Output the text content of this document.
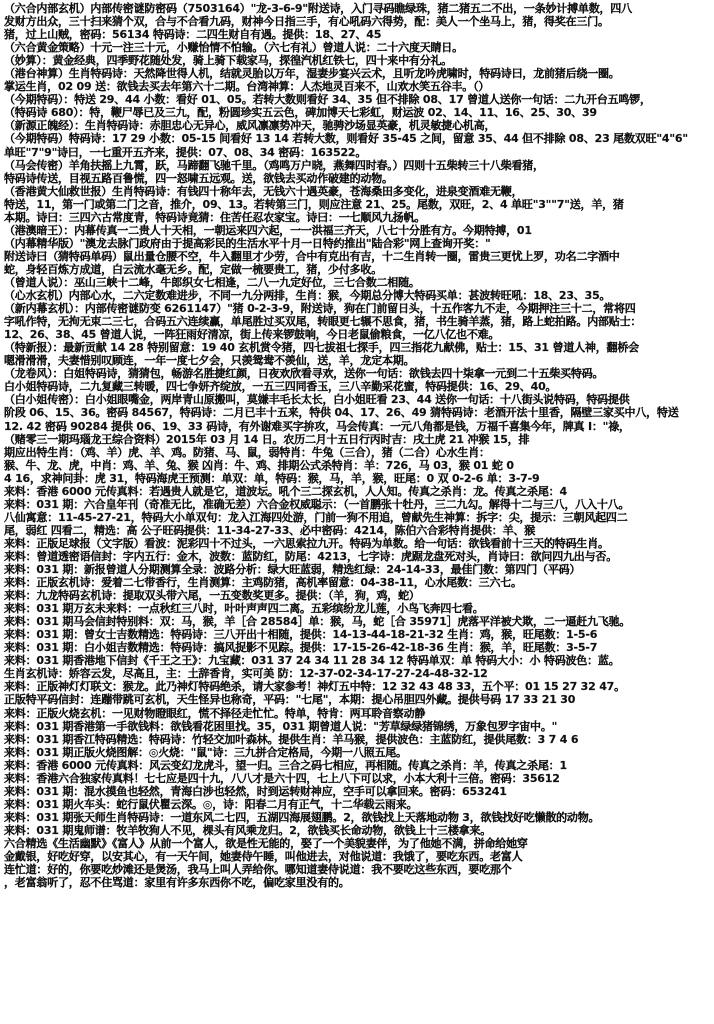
（六合内部玄机）内部传密谜防密码（7503164）"龙-3-6-9"附送诗，入门寻码瞧绿珠，猪二猪五二不出，一条妙计搏单数，四八
发财方出众，三十扫来猜个双，合与不合看九码，财神今日指三手，有心吼码六得势，配：美人一个坐马上，猪，得奖在三门。
猪，过上山贼，密码：56134 特码诗：二四生财自有遇。提供：18、27、45
（六合黄金策略）十元一注三十元，小赚怡情不怕输。（六七有礼）曾道人说：二十六度天睛日。
（妙算）：黄金经典，四季野花随处发，骑上骑下载家马，探徨汽机红铁七，四十来中有分礼。
（港台神算）生肖特码诗：天然降世得人机，结就灵胎以万年，湿妻步宴兴云术，且听龙吟虎啸时，特码诗曰，龙前猪后绕一圈。
掌运生肖，02 09 送：欲钱去买去年第六十二期。台湾神算：人杰地灵百来不，山欢水笑五谷丰。（）
（今期特码）：特送 29、44 小数：看好 01、05。若转大数则看好 34、35 但不排除 08、17 曾道人送你一句话：二九开台五鸣锣，
（特码诗 680）：特，鞭尸辱已及三九，配，粉圆珍实五云色，碑加博天七彩虹，财运波 02、14、11、16、25、30、39
（新源正魄经）：生肖特码诗：赤胆忠心无异心，威风凛凛势冲天，驰骋沙场显英豪，机灵敏捷心机高，
（今期特码）特码诗：17 29 小数：05-15 间看好 13 14 若转大数，则看好 35-45 之间，留意 35、44 但不排除 08、23 尾数双旺"4"6"
单旺"7"9"诗曰，一七重开五齐来，提供：07、08、34 密码：163522。
（马会传密）羊角扶摇上九霄，跃，马蹄翻飞驰千里。（鸡鸣万户晓，燕舞四时春。）四则十五柴转三十八柴看猪，
特码诗传送，目视五路百鲁慌，四一怒啸五远观。送，欲钱去买动作破建的动物。
（香港黄大仙救世报）生肖特码诗：有钱四十称年去，无钱六十遇英豪，苍海桑田多变化，进泉变酒难无鞭，
特送，11，第一门或第二门之音，推介，09、13。若转第三门，则应注意 21、25。尾数，双旺，2、4 单旺"3""7"送，羊，猪
本期。诗曰：三四六古常度青，特码诗竟猜：住苦任忍农家宝。诗曰：一七顺风九扬帆。
（港澳暗王）：内幕传真一二贵人十天相，一朝运来四六起，一一洪福三齐天，八七十分胜有方。今期特搏，01
（内幕精华版）"澳龙去脉门政府由于提高彩民的生活水平十月一日特约推出"陆合彩"网上查询开奖："
附送诗曰（猜特码单码）鼠出量仓腰不空，牛入翻里才少劳，合中有克出有吉，十二生肖转一圈，雷贵三更忧上罗，功名二字酒中
蛇，身轻百炼方成道，白云流水毫无乡。配，定做一梳要贵工，猪，少付多收。
（曾道人说）：巫山三峡十二峰，牛郎织女七相逢，二八一九定好位，三七合数二相随。
（心水玄机）内部心水，二六定数难进步，不同一九分两排，生肖：猴，今期总分博大特码买单：甚波转旺吼：18、23、35。
（新内幕玄机）：内部传密谜防变 6261147）"猪 0-2-3-9，附送诗，狗在门前留日头，十五作客九不走，今期押注三十二，常将四
字吼作特，无拘无束二三七，合码五六连续赢，单尾胜过买双尾，转眼更七辗不思食，猪，书生骑羊蒸，猪，路上蛇拍路。内部贴士：
12、26、38、45 曾道人说，一阵狂雨好清凉，街上传来锣鼓响，今日老鼠偷粮食，一亿八亿也不难。
（特新报）：最新贡献 14 28 特别留意：19 40 玄机赏令猪，四七拔祖七探手，四三指花九献佛，贴士：15、31 曾道人神，翻桥会
嗯滑滑滑，夫妻惜别叹顾连，一年一度七夕会，只羡鸳鸯不羡仙，送，羊，龙定本期。
（龙卷风）：白姐特码诗，猜猜包，畅游名胜捷红颜，日夜欢欣看寻欢，送你一句话：欲钱去四十柒拿一元到二十五柴买特码。
白小姐特码诗，二九复藏三转暖，四七争妍齐绽放，一五三四同香玉，三八辛勤采花蜜，特码提供：16、29、40。
（白小姐传密）：白小姐眼嘴金，两岸青山原搬叫，莫嫌丰毛长太长，白小姐旺看 23、44 送你一句话：十八街头说特码，特码提供
阶段 06、15、36。密码 84567，特码诗：二月已丰十五来，特供 04、17、26、49 猜特码诗：老酒开法十里香，隔壁三家买中八，特送
12. 42 密码 90284 提供 06、19、33 码诗，有外谢难买字拚攻，马会传真：一元八角都是钱，万福千喜集今年，牌真 I："祿，
（赌零三一期玛瑙龙王综合资料）2015年 03 月 14 日。农历二月十五日行丙时吉：戌土虎 21 冲猴 15，排
期应出特生肖：（鸡、羊）虎、羊、鸡。防猪、马、鼠，弱特肖：牛兔（三合），猪（二合）心水生肖：
猴、牛、龙、虎，中肖：鸡、羊、兔、猴 凶肖：牛、鸡、排期公式杀特肖：羊：726，马 03，猴 01 蛇 0
4 16，求神问卦：虎 31，特码海虎王预测：单双：单，特码：猴，马，羊，猴，旺尾：0 双 0-2-6 单：3-7-9
来料：香港 6000 元传真料：若遇贵人就是它，道波坛。吼个三二探玄机，人人知。传真之杀肖：龙。传真之杀尾：4
来料：031 期：六合皇年刊（奇准无比，准确无差）六合金权威聪示：（一首鹏张十牡丹，三二九勾。解得十二与三八，八入十八。
八仙寓意：11-45-27-21，特码大小单双句：龙入江海四处游，门前一狗不用追，曾献先生神算：拆字：尖，提示：三朝风起四二
尾，弱红 四看二，精选：高 公子旺码提供：11-34-27-33、必中密码：4214，陈伯六合彩特肖提供：羊、猴
来料：正版足球报（文字版）看波：泥彩四十不过头，一六思索拉九开。特码为单数。给一句话：欲钱看前十三天的特码生肖。
来料：曾道透密语信封：字内五行：金木，波数：蓝防红，防尾：4213，七字诗：虎踞龙盘死对头，肖诗曰：欲问四九出与否。
来料：031 期：新报曾道人分期测算全录：波路分析：绿大旺蓝弱，精选红绿：24-14-33，最佳门数：第四门（平码）
来料：正版玄机诗：爱着二七带香行，生肖测算：主鸡防猪，高机率留意：04-38-11，心水尾数：三六七。
来料：九龙特码玄机诗：提取双头带六尾，一五变数奖更多。提供：（羊，狗，鸡，蛇）
来料：031 期万玄未来料：一点秋红三八时，叶叶声声四二离。五彩缤纷龙儿莲，小鸟飞奔四七看。
来料：031 期马会信封特别料：双：马，猴，羊［合 28584］单：猴，马，蛇［合 35971］虎落平洋被犬欺，二一逼赶九飞驰。
来料：031 期：曾女士吉数精选：特码诗：三八开出十相随，提供：14-13-44-18-21-32 生肖：鸡，猴，旺尾数：1-5-6
来料：031 期：白小姐吉数精选：特码诗：搞风捉影不见踪。提供：17-15-26-42-18-36 生肖：猴，羊，旺尾数：3-5-7
来料：031 期香港地下信封《千王之王》：九宝藏：031 37 24 34 11 28 34 12 特码单双：单 特码大小：小 特码波色：蓝。
生肖玄机诗：娇容云发，尽高且，主：土辞香肯，实可美 防：12-37-02-34-17-27-24-48-32-12
来料：正版神灯灯联文：猴龙。此乃神灯特码绝杀，请大家参考！神灯五中特：12 32 43 48 33，五个平：01 15 27 32 47。
正版特平码信封：连蹦带跳可玄机，天生怪异也称奇，平码："七尾"，本期：提心吊胆四外藏。提供号码 17 33 21 30
来料：正版火烧玄机：一见财物瞪眼红，慌不择径走忙忙。特单，特肯：两耳聆音察动静
来料：031 期香港第一手欲钱料：欲钱看花困里找。35，031 期曾道人说："芳草绿绿猪锦绣，万象包罗字宙中。"
来料：031 期香江特码精选：特码诗：竹轻交加叶森林。提供生肖：羊马猴，提供波色：主蓝防红，提供尾数：3 7 4 6
来料：031 期正版火烧图解：◎火烧："鼠"诗：三九拼合定格局，今期一八照五尾。
来料：香港 6000 元传真料：风云变幻龙虎斗，望一归。三合之码七相应，再相随。传真之杀肖：羊，传真之杀尾：1
来料：香港六合独家传真料！七七应是四十九，八八才是六十四，七上八下可以求，小本大利十三倍。密码：35612
来料：031 期：混水摸鱼也轻然，青海白涉也轻然，时到运转财神应，空手可以拿回来。密码：653241
来料：031 期火车头：蛇行鼠伏瞿云深。◎，诗：阳春二月有正气，十二华载云雨来。
来料：031 期张天师生肖特码诗：一道东风二七四，五湖四海展翅鹏。2，欲钱找上天落地动物 3，欲钱找好吃懒散的动物。
来料：031 期鬼师谱：牧羊牧狗人不见，棵头有风乘龙归。2，欲钱买长命动物，欲钱上十三楼拿来。
六合精选《生活幽默》《富人》从前一个富人，欲是性无能的，娶了一个美貌妻伴，为了他她不满，拼命给她穿
金戴银，好吃好穿，以安其心，有一天午间，她妻侍午睡，叫他进去，对他说道：我饿了，要吃东西。老富人
连忙道：好的，你要吃炒滩还是煲汤，我马上叫人弄给你。哪知道妻侍说道：我不要吃这些东西，要吃那个
，老富翁听了，忍不住骂道：家里有许多东西你不吃，偏吃家里没有的。
